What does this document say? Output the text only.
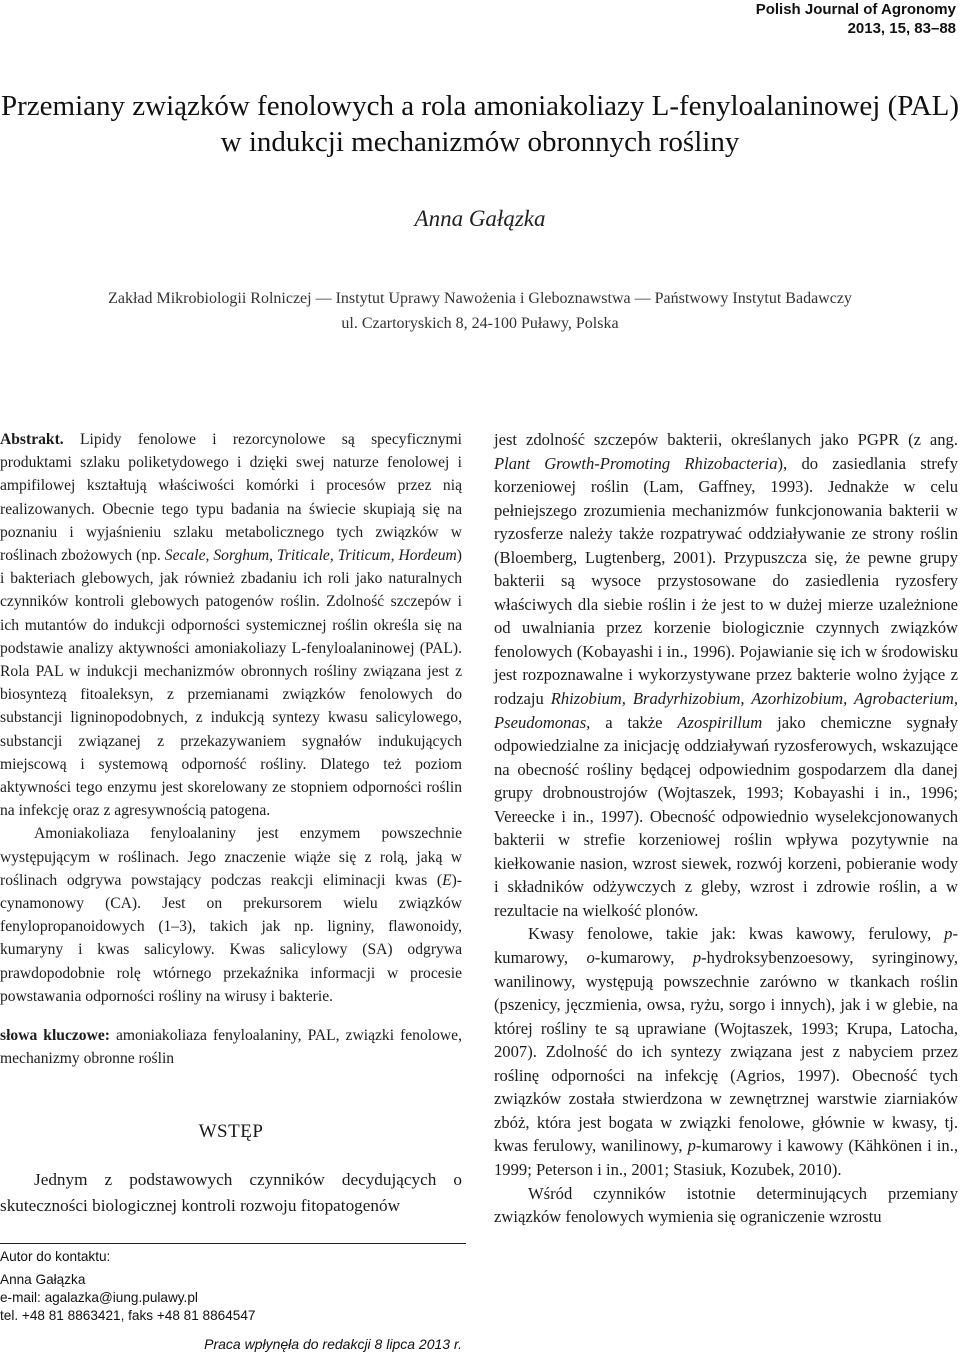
Polish Journal of Agronomy
2013, 15, 83–88
Przemiany związków fenolowych a rola amoniakoliazy L-fenyloalaninowej (PAL)
w indukcji mechanizmów obronnych rośliny
Anna Gałązka
Zakład Mikrobiologii Rolniczej — Instytut Uprawy Nawożenia i Gleboznawstwa — Państwowy Instytut Badawczy
ul. Czartoryskich 8, 24-100 Puławy, Polska

Abstrakt. Lipidy fenolowe i rezorcynolowe są specyficznymi produktami szlaku poliketydowego i dzięki swej naturze fenolowej i ampifilowej kształtują właściwości komórki i procesów przez nią realizowanych. Obecnie tego typu badania na świecie skupiają się na poznaniu i wyjaśnieniu szlaku metabolicznego tych związków w roślinach zbożowych (np. Secale, Sorghum, Triticale, Triticum, Hordeum) i bakteriach glebowych, jak również zbadaniu ich roli jako naturalnych czynników kontroli glebowych patogenów roślin. Zdolność szczepów i ich mutantów do indukcji odporności systemicznej roślin określa się na podstawie analizy aktywności amoniakoliazy L-fenyloalaninowej (PAL). Rola PAL w indukcji mechanizmów obronnych rośliny związana jest z biosyntezą fitoaleksyn, z przemianami związków fenolowych do substancji ligninopodobnych, z indukcją syntezy kwasu salicylowego, substancji związanej z przekazywaniem sygnałów indukujących miejscową i systemową odporność rośliny. Dlatego też poziom aktywności tego enzymu jest skorelowany ze stopniem odporności roślin na infekcję oraz z agresywnością patogena.

Amoniakoliaza fenyloalaniny jest enzymem powszechnie występującym w roślinach. Jego znaczenie wiąże się z rolą, jaką w roślinach odgrywa powstający podczas reakcji eliminacji kwas (E)-cynamonowy (CA). Jest on prekursorem wielu związków fenylopropanoidowych (1–3), takich jak np. ligniny, flawonoidy, kumaryny i kwas salicylowy. Kwas salicylowy (SA) odgrywa prawdopodobnie rolę wtórnego przekaźnika informacji w procesie powstawania odporności rośliny na wirusy i bakterie.

słowa kluczowe: amoniakoliaza fenyloalaniny, PAL, związki fenolowe, mechanizmy obronne roślin

WSTĘP
Jednym z podstawowych czynników decydujących o skuteczności biologicznej kontroli rozwoju fitopatogenów
Autor do kontaktu:
Anna Gałązka
e-mail: agalazka@iung.pulawy.pl
tel. +48 81 8863421, faks +48 81 8864547
Praca wpłynęła do redakcji 8 lipca 2013 r.

jest zdolność szczepów bakterii, określanych jako PGPR (z ang. Plant Growth-Promoting Rhizobacteria), do zasiedlania strefy korzeniowej roślin (Lam, Gaffney, 1993). Jednakże w celu pełniejszego zrozumienia mechanizmów funkcjonowania bakterii w ryzosferze należy także rozpatrywać oddziaływanie ze strony roślin (Bloemberg, Lugtenberg, 2001). Przypuszcza się, że pewne grupy bakterii są wysoce przystosowane do zasiedlenia ryzosfery właściwych dla siebie roślin i że jest to w dużej mierze uzależnione od uwalniania przez korzenie biologicznie czynnych związków fenolowych (Kobayashi i in., 1996). Pojawianie się ich w środowisku jest rozpoznawalne i wykorzystywane przez bakterie wolno żyjące z rodzaju Rhizobium, Bradyrhizobium, Azorhizobium, Agrobacterium, Pseudomonas, a także Azospirillum jako chemiczne sygnały odpowiedzialne za inicjację oddziaływań ryzosferowych, wskazujące na obecność rośliny będącej odpowiednim gospodarzem dla danej grupy drobnoustrojów (Wojtaszek, 1993; Kobayashi i in., 1996; Vereecke i in., 1997). Obecność odpowiednio wyselekcjonowanych bakterii w strefie korzeniowej roślin wpływa pozytywnie na kiełkowanie nasion, wzrost siewek, rozwój korzeni, pobieranie wody i składników odżywczych z gleby, wzrost i zdrowie roślin, a w rezultacie na wielkość plonów.

Kwasy fenolowe, takie jak: kwas kawowy, ferulowy, p-kumarowy, o-kumarowy, p-hydroksybenzoesowy, syringinowy, wanilinowy, występują powszechnie zarówno w tkankach roślin (pszenicy, jęczmienia, owsa, ryżu, sorgo i innych), jak i w glebie, na której rośliny te są uprawiane (Wojtaszek, 1993; Krupa, Latocha, 2007). Zdolność do ich syntezy związana jest z nabyciem przez roślinę odporności na infekcję (Agrios, 1997). Obecność tych związków została stwierdzona w zewnętrznej warstwie ziarniaków zbóż, która jest bogata w związki fenolowe, głównie w kwasy, tj. kwas ferulowy, wanilinowy, p-kumarowy i kawowy (Kähkönen i in., 1999; Peterson i in., 2001; Stasiuk, Kozubek, 2010).

Wśród czynników istotnie determinujących przemiany związków fenolowych wymienia się ograniczenie wzrostu
